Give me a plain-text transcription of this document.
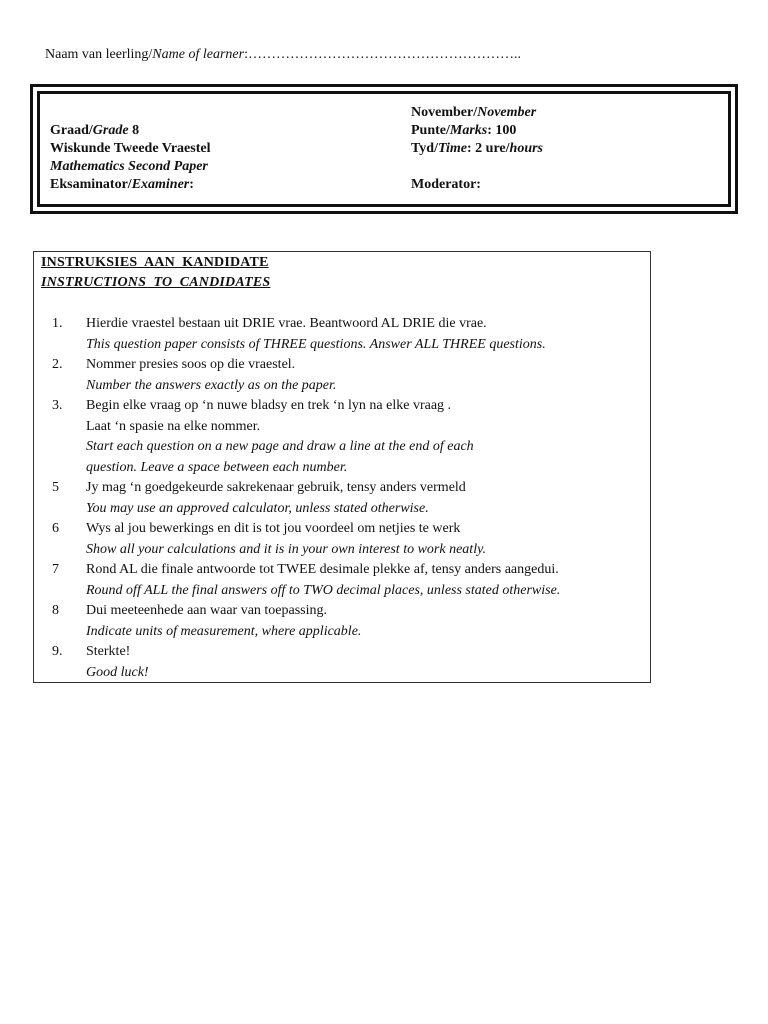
Naam van leerling/Name of learner:…………………………………………………..
Graad/Grade 8
Wiskunde Tweede Vraestel
Mathematics Second Paper
Eksaminator/Examiner:
November/November
Punte/Marks: 100
Tyd/Time: 2 ure/hours
Moderator:
INSTRUKSIES  AAN  KANDIDATE
INSTRUCTIONS  TO  CANDIDATES
1. Hierdie vraestel bestaan uit DRIE vrae. Beantwoord AL DRIE die vrae.
This question paper consists of THREE questions. Answer ALL THREE questions.
2. Nommer presies soos op die vraestel.
Number the answers exactly as on the paper.
3. Begin elke vraag op ‘n nuwe bladsy en trek ‘n lyn na elke vraag .
Laat ‘n spasie na elke nommer.
Start each question on a new page and draw a line at the end of each
question. Leave a space between each number.
5 Jy mag ‘n goedgekeurde sakrekenaar gebruik, tensy anders vermeld
You may use an approved calculator, unless stated otherwise.
6 Wys al jou bewerkings en dit is tot jou voordeel om netjies te werk
Show all your calculations and it is in your own interest to work neatly.
7 Rond AL die finale antwoorde tot TWEE desimale plekke af, tensy anders aangedui.
Round off ALL the final answers off to TWO decimal places, unless stated otherwise.
8 Dui meeteenhede aan waar van toepassing.
Indicate units of measurement, where applicable.
9. Sterkte!
Good luck!
